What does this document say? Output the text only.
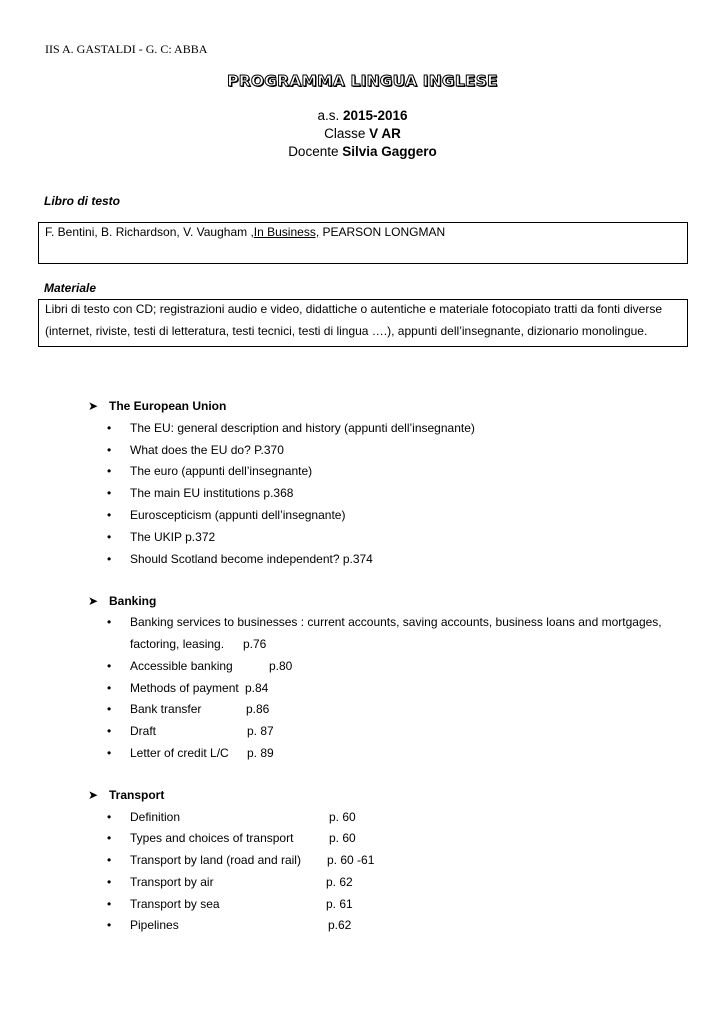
IIS A. GASTALDI - G. C: ABBA
PROGRAMMA LINGUA INGLESE
a.s. 2015-2016
Classe V AR
Docente Silvia Gaggero
Libro di testo
F. Bentini, B. Richardson, V. Vaugham ,In Business, PEARSON LONGMAN
Materiale
Libri di testo con CD; registrazioni audio e video, didattiche o autentiche e materiale fotocopiato tratti da fonti diverse
(internet, riviste, testi di letteratura, testi tecnici, testi di lingua ….), appunti dell’insegnante, dizionario monolingue.
➤ The European Union
• The EU: general description and history (appunti dell’insegnante)
• What does the EU do? P.370
• The euro (appunti dell’insegnante)
• The main EU institutions p.368
• Euroscepticism (appunti dell’insegnante)
• The UKIP p.372
• Should Scotland become independent? p.374
➤ Banking
• Banking services to businesses : current accounts, saving accounts, business loans and mortgages,
factoring, leasing. p.76
• Accessible banking	p.80
• Methods of payment p.84
• Bank transfer	p.86
• Draft	p. 87
• Letter of credit L/C p. 89
➤ Transport
• Definition	p. 60
• Types and choices of transport	p. 60
• Transport by land (road and rail) p. 60 -61
• Transport by air	p. 62
• Transport by sea	p. 61
• Pipelines	p.62
